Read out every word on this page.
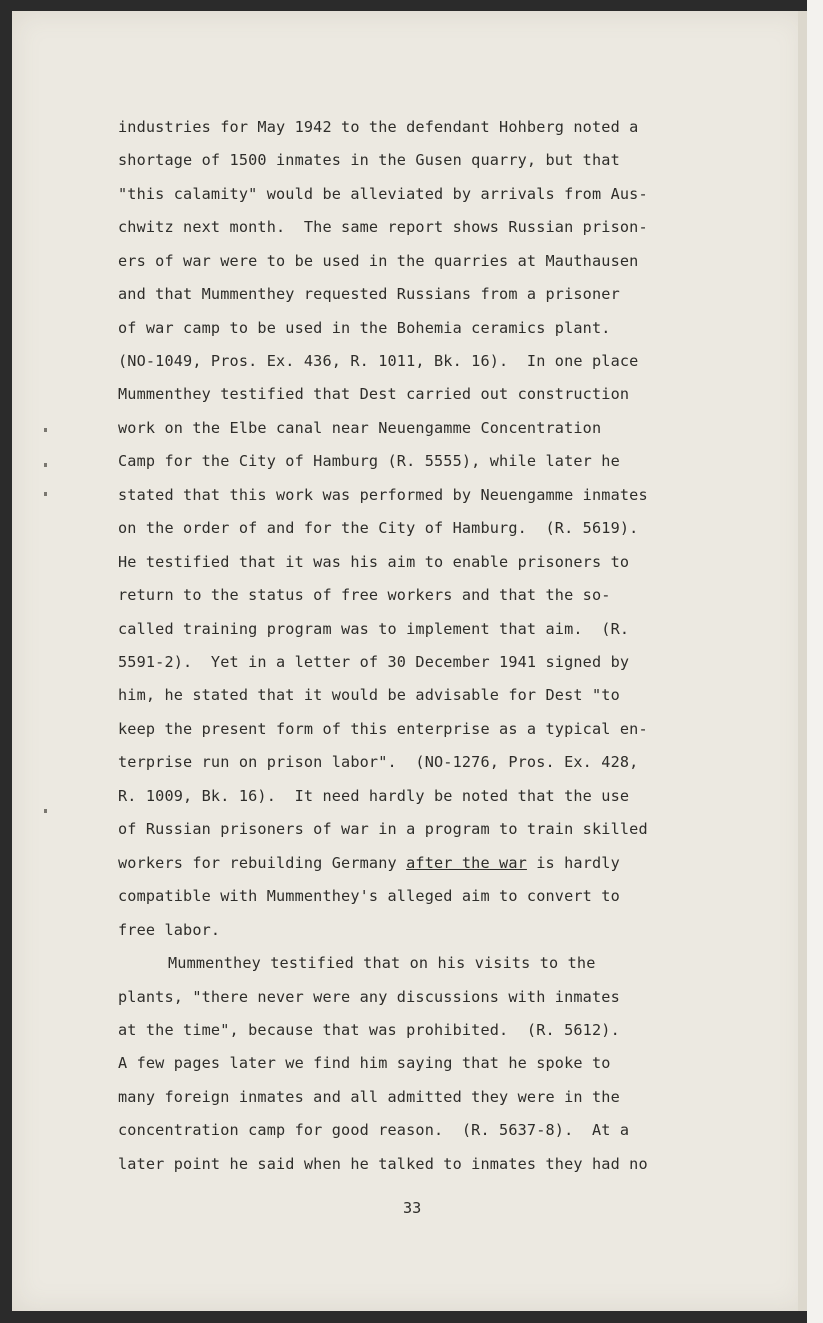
industries for May 1942 to the defendant Hohberg noted a

shortage of 1500 inmates in the Gusen quarry, but that

"this calamity" would be alleviated by arrivals from Aus-

chwitz next month.  The same report shows Russian prison-

ers of war were to be used in the quarries at Mauthausen

and that Mummenthey requested Russians from a prisoner

of war camp to be used in the Bohemia ceramics plant.

(NO-1049, Pros. Ex. 436, R. 1011, Bk. 16).  In one place

Mummenthey testified that Dest carried out construction

work on the Elbe canal near Neuengamme Concentration

Camp for the City of Hamburg (R. 5555), while later he

stated that this work was performed by Neuengamme inmates

on the order of and for the City of Hamburg.  (R. 5619).

He testified that it was his aim to enable prisoners to

return to the status of free workers and that the so-

called training program was to implement that aim.  (R.

5591-2).  Yet in a letter of 30 December 1941 signed by

him, he stated that it would be advisable for Dest "to

keep the present form of this enterprise as a typical en-

terprise run on prison labor".  (NO-1276, Pros. Ex. 428,

R. 1009, Bk. 16).  It need hardly be noted that the use

of Russian prisoners of war in a program to train skilled

workers for rebuilding Germany after the war is hardly

compatible with Mummenthey's alleged aim to convert to

free labor.

Mummenthey testified that on his visits to the

plants, "there never were any discussions with inmates

at the time", because that was prohibited.  (R. 5612).

A few pages later we find him saying that he spoke to

many foreign inmates and all admitted they were in the

concentration camp for good reason.  (R. 5637-8).  At a

later point he said when he talked to inmates they had no

33
